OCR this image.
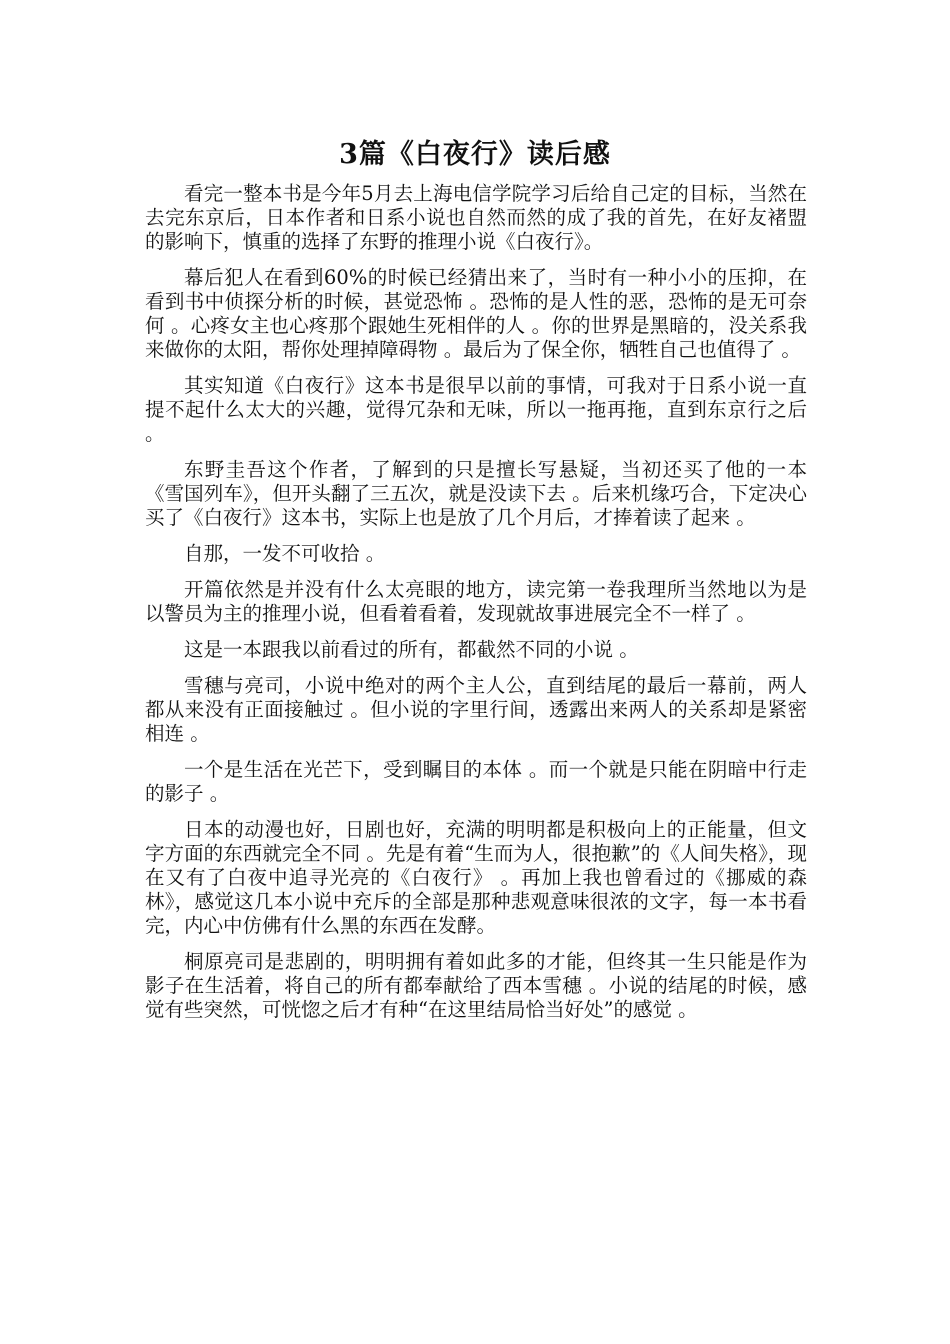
3篇《白夜行》读后感

看完一整本书是今年5月去上海电信学院学习后给自己定的目标，当然在去完东京后，日本作者和日系小说也自然而然的成了我的首先，在好友褚盟的影响下，慎重的选择了东野的推理小说《白夜行》。

幕后犯人在看到60%的时候已经猜出来了，当时有一种小小的压抑，在看到书中侦探分析的时候，甚觉恐怖 。恐怖的是人性的恶，恐怖的是无可奈何 。心疼女主也心疼那个跟她生死相伴的人 。你的世界是黑暗的，没关系我来做你的太阳，帮你处理掉障碍物 。最后为了保全你，牺牲自己也值得了 。

其实知道《白夜行》这本书是很早以前的事情，可我对于日系小说一直提不起什么太大的兴趣，觉得冗杂和无味，所以一拖再拖，直到东京行之后 。

东野圭吾这个作者，了解到的只是擅长写悬疑，当初还买了他的一本《雪国列车》，但开头翻了三五次，就是没读下去 。后来机缘巧合，下定决心买了《白夜行》这本书，实际上也是放了几个月后，才捧着读了起来 。

自那，一发不可收拾 。

开篇依然是并没有什么太亮眼的地方，读完第一卷我理所当然地以为是以警员为主的推理小说，但看着看着，发现就故事进展完全不一样了 。

这是一本跟我以前看过的所有，都截然不同的小说 。

雪穗与亮司，小说中绝对的两个主人公，直到结尾的最后一幕前，两人都从来没有正面接触过 。但小说的字里行间，透露出来两人的关系却是紧密相连 。

一个是生活在光芒下，受到瞩目的本体 。而一个就是只能在阴暗中行走的影子 。

日本的动漫也好，日剧也好，充满的明明都是积极向上的正能量，但文字方面的东西就完全不同 。先是有着“生而为人，很抱歉”的《人间失格》，现在又有了白夜中追寻光亮的《白夜行》 。再加上我也曾看过的《挪威的森林》，感觉这几本小说中充斥的全部是那种悲观意味很浓的文字，每一本书看完，内心中仿佛有什么黑的东西在发酵。

桐原亮司是悲剧的，明明拥有着如此多的才能，但终其一生只能是作为影子在生活着，将自己的所有都奉献给了西本雪穗 。小说的结尾的时候，感觉有些突然，可恍惚之后才有种“在这里结局恰当好处”的感觉 。
